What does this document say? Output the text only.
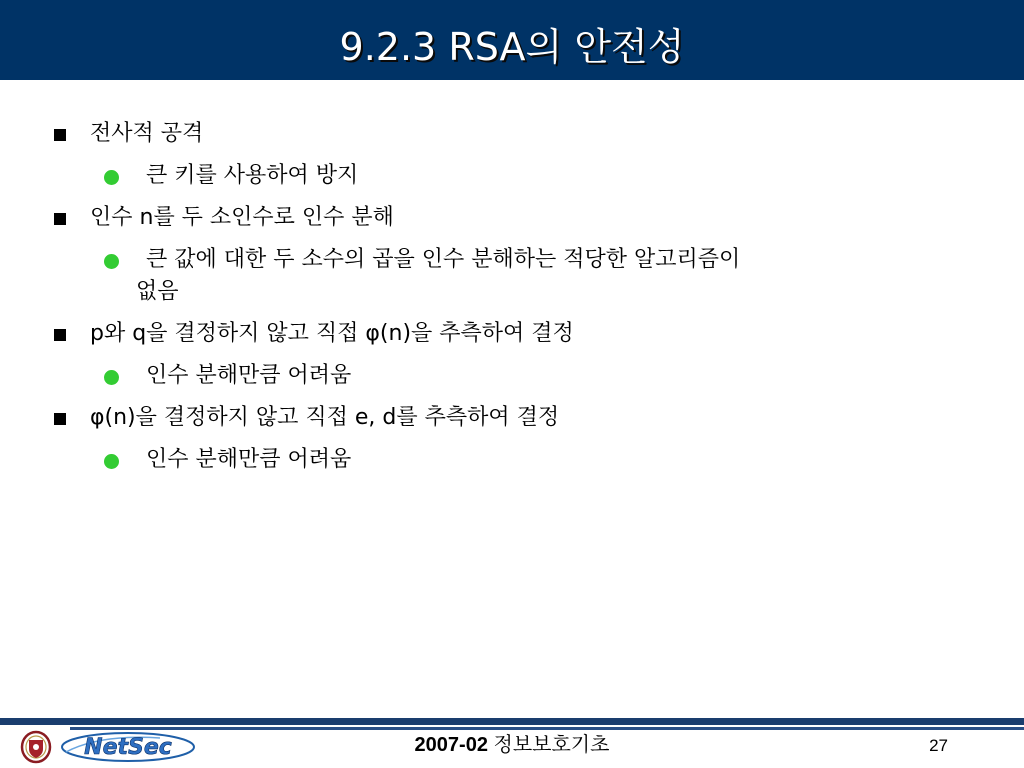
9.2.3 RSA의 안전성
전사적 공격
큰 키를 사용하여 방지
인수 n를 두 소인수로 인수 분해
큰 값에 대한 두 소수의 곱을 인수 분해하는 적당한 알고리즘이
없음
p와 q을 결정하지 않고 직접 φ(n)을 추측하여 결정
인수 분해만큼 어려움
φ(n)을 결정하지 않고 직접 e, d를 추측하여 결정
인수 분해만큼 어려움
NetSec	2007-02 정보보호기초	27
